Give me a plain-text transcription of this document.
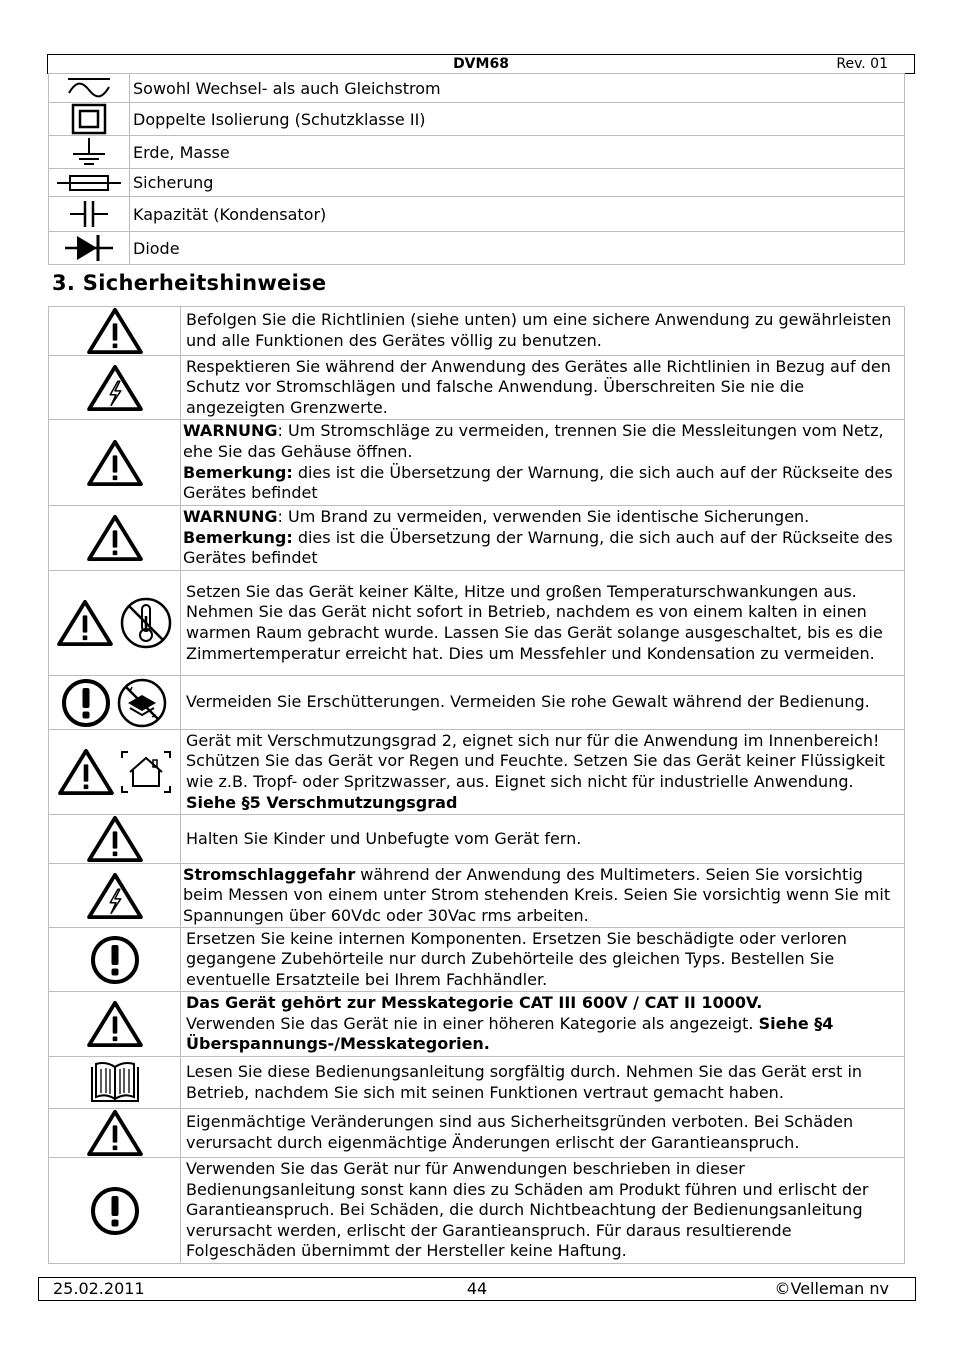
DVM68	Rev. 01
	Sowohl Wechsel- als auch Gleichstrom

	Doppelte Isolierung (Schutzklasse II)

	Erde, Masse

	Sicherung

	Kapazität (Kondensator)

	Diode
3. Sicherheitshinweise
	Befolgen Sie die Richtlinien (siehe unten) um eine sichere Anwendung zu gewährleisten und alle Funktionen des Gerätes völlig zu benutzen.
	Respektieren Sie während der Anwendung des Gerätes alle Richtlinien in Bezug auf den Schutz vor Stromschlägen und falsche Anwendung. Überschreiten Sie nie die angezeigten Grenzwerte.
	WARNUNG: Um Stromschläge zu vermeiden, trennen Sie die Messleitungen vom Netz, ehe Sie das Gehäuse öffnen.
Bemerkung: dies ist die Übersetzung der Warnung, die sich auch auf der Rückseite des Gerätes befindet
	WARNUNG: Um Brand zu vermeiden, verwenden Sie identische Sicherungen.
Bemerkung: dies ist die Übersetzung der Warnung, die sich auch auf der Rückseite des Gerätes befindet
	Setzen Sie das Gerät keiner Kälte, Hitze und großen Temperaturschwankungen aus. Nehmen Sie das Gerät nicht sofort in Betrieb, nachdem es von einem kalten in einen warmen Raum gebracht wurde. Lassen Sie das Gerät solange ausgeschaltet, bis es die Zimmertemperatur erreicht hat. Dies um Messfehler und Kondensation zu vermeiden.
	Vermeiden Sie Erschütterungen. Vermeiden Sie rohe Gewalt während der Bedienung.
	Gerät mit Verschmutzungsgrad 2, eignet sich nur für die Anwendung im Innenbereich! Schützen Sie das Gerät vor Regen und Feuchte. Setzen Sie das Gerät keiner Flüssigkeit wie z.B. Tropf- oder Spritzwasser, aus. Eignet sich nicht für industrielle Anwendung. Siehe §5 Verschmutzungsgrad
	Halten Sie Kinder und Unbefugte vom Gerät fern.
	Stromschlaggefahr während der Anwendung des Multimeters. Seien Sie vorsichtig beim Messen von einem unter Strom stehenden Kreis. Seien Sie vorsichtig wenn Sie mit Spannungen über 60Vdc oder 30Vac rms arbeiten.
	Ersetzen Sie keine internen Komponenten. Ersetzen Sie beschädigte oder verloren gegangene Zubehörteile nur durch Zubehörteile des gleichen Typs. Bestellen Sie eventuelle Ersatzteile bei Ihrem Fachhändler.
	Das Gerät gehört zur Messkategorie CAT III 600V / CAT II 1000V.
Verwenden Sie das Gerät nie in einer höheren Kategorie als angezeigt. Siehe §4 Überspannungs-/Messkategorien.
	Lesen Sie diese Bedienungsanleitung sorgfältig durch. Nehmen Sie das Gerät erst in Betrieb, nachdem Sie sich mit seinen Funktionen vertraut gemacht haben.
	Eigenmächtige Veränderungen sind aus Sicherheitsgründen verboten. Bei Schäden verursacht durch eigenmächtige Änderungen erlischt der Garantieanspruch.
	Verwenden Sie das Gerät nur für Anwendungen beschrieben in dieser Bedienungsanleitung sonst kann dies zu Schäden am Produkt führen und erlischt der Garantieanspruch. Bei Schäden, die durch Nichtbeachtung der Bedienungsanleitung verursacht werden, erlischt der Garantieanspruch. Für daraus resultierende Folgeschäden übernimmt der Hersteller keine Haftung.
25.02.2011	44	©Velleman nv
